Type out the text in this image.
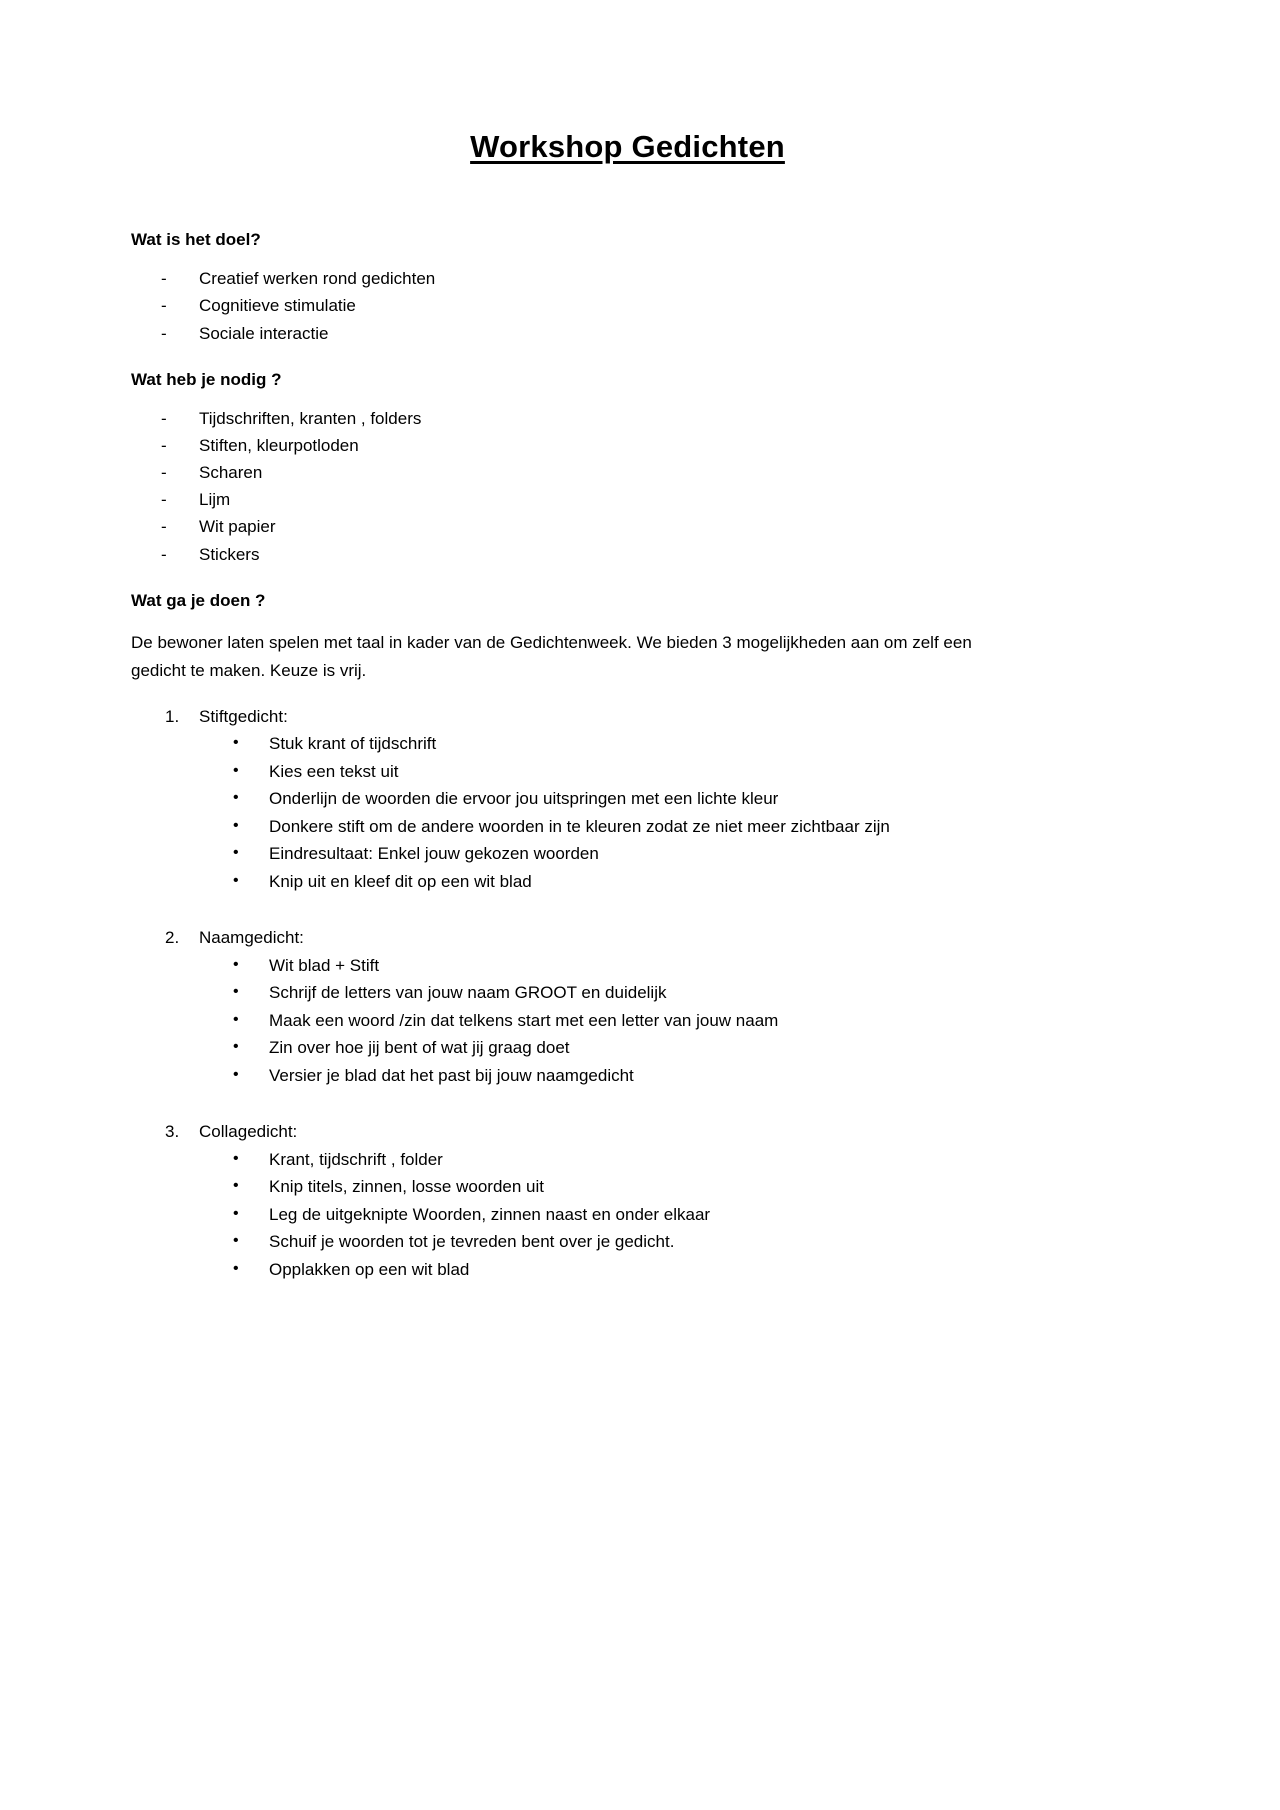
Workshop Gedichten
Wat is het doel?
- Creatief werken rond gedichten
- Cognitieve stimulatie
- Sociale interactie
Wat heb je nodig ?
- Tijdschriften, kranten , folders
- Stiften, kleurpotloden
- Scharen
- Lijm
- Wit papier
- Stickers
Wat ga je doen ?

De bewoner laten spelen met taal in kader van de Gedichtenweek. We bieden 3 mogelijkheden aan om zelf een gedicht te maken. Keuze is vrij.

1. Stiftgedicht:
• Stuk krant of tijdschrift
• Kies een tekst uit
• Onderlijn de woorden die ervoor jou uitspringen met een lichte kleur
• Donkere stift om de andere woorden in te kleuren zodat ze niet meer zichtbaar zijn
• Eindresultaat: Enkel jouw gekozen woorden
• Knip uit en kleef dit op een wit blad
2. Naamgedicht:
• Wit blad + Stift
• Schrijf de letters van jouw naam GROOT en duidelijk
• Maak een woord /zin dat telkens start met een letter van jouw naam
• Zin over hoe jij bent of wat jij graag doet
• Versier je blad dat het past bij jouw naamgedicht
3. Collagedicht:
• Krant, tijdschrift , folder
• Knip titels, zinnen, losse woorden uit
• Leg de uitgeknipte Woorden, zinnen naast en onder elkaar
• Schuif je woorden tot je tevreden bent over je gedicht.
• Opplakken op een wit blad
